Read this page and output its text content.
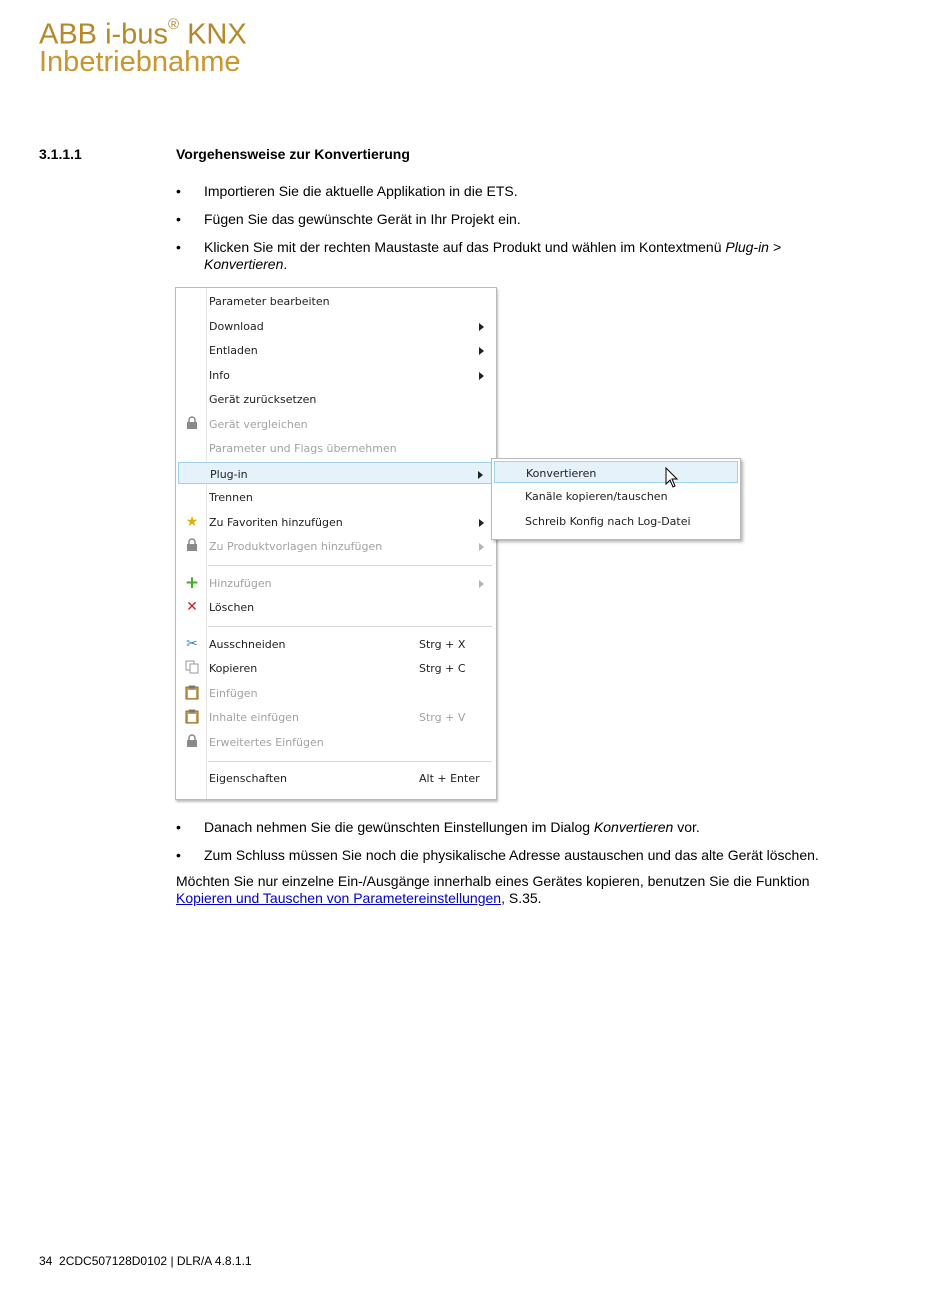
ABB i-bus® KNX
Inbetriebnahme
3.1.1.1	Vorgehensweise zur Konvertierung
• Importieren Sie die aktuelle Applikation in die ETS.
• Fügen Sie das gewünschte Gerät in Ihr Projekt ein.
• Klicken Sie mit der rechten Maustaste auf das Produkt und wählen im Kontextmenü Plug-in > Konvertieren.
Parameter bearbeiten
Download
Entladen
Info
Gerät zurücksetzen
Gerät vergleichen
Parameter und Flags übernehmen
Plug-in
Trennen
★ Zu Favoriten hinzufügen
Zu Produktvorlagen hinzufügen
+ Hinzufügen
✕ Löschen
✂ Ausschneiden	Strg + X
Kopieren	Strg + C
Einfügen
Inhalte einfügen	Strg + V
Erweitertes Einfügen
Eigenschaften	Alt + Enter
Konvertieren
Kanäle kopieren/tauschen
Schreib Konfig nach Log-Datei
• Danach nehmen Sie die gewünschten Einstellungen im Dialog Konvertieren vor.
• Zum Schluss müssen Sie noch die physikalische Adresse austauschen und das alte Gerät löschen.
Möchten Sie nur einzelne Ein-/Ausgänge innerhalb eines Gerätes kopieren, benutzen Sie die Funktion Kopieren und Tauschen von Parametereinstellungen, S.35.
34 2CDC507128D0102 | DLR/A 4.8.1.1
